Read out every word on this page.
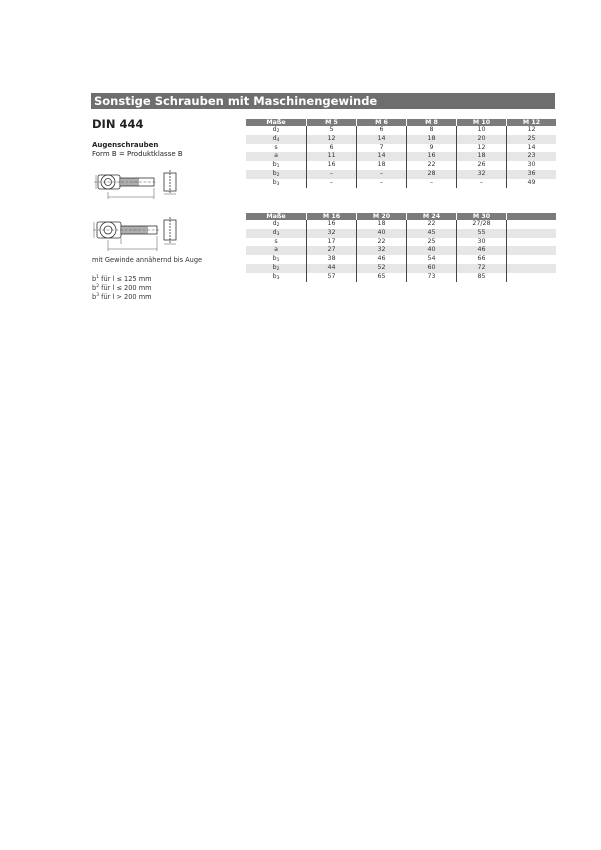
Sonstige Schrauben mit Maschinengewinde
DIN 444
Augenschrauben
Form B = Produktklasse B
mit Gewinde annähernd bis Auge
$b^1$ für l ≤ 125 mm
$b^2$ für l ≤ 200 mm
$b^3$ für l > 200 mm
Maße	M 5	M 6	M 8	M 10	M 12
$d_2$	5	6	8	10	12
$d_4$	12	14	18	20	25
s	6	7	9	12	14
a	11	14	16	18	23
$b_1$	16	18	22	26	30
$b_2$	–	–	28	32	36
$b_3$	–	–	–	–	49
Maße	M 16	M 20	M 24	M 30	
$d_2$	16	18	22	27/28	
$d_3$	32	40	45	55	
s	17	22	25	30	
a	27	32	40	46	
$b_1$	38	46	54	66	
$b_2$	44	52	60	72	
$b_3$	57	65	73	85	
